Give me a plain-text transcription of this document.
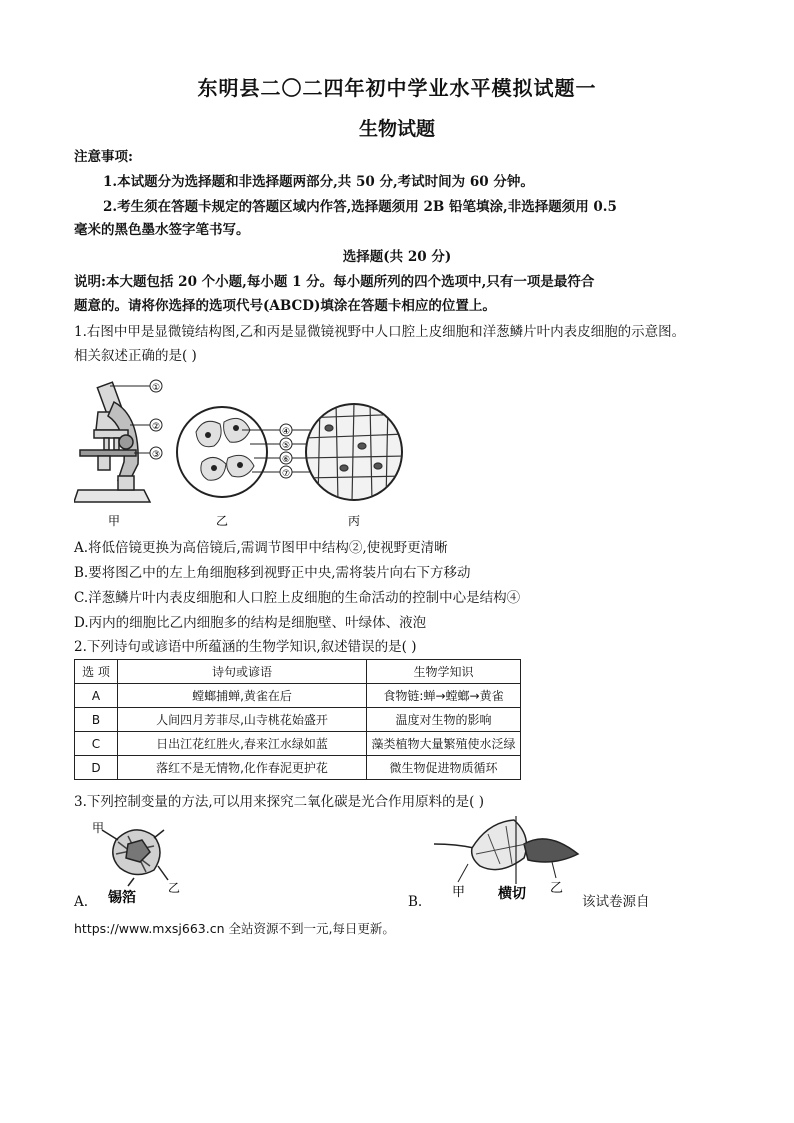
东明县二〇二四年初中学业水平模拟试题一
生物试题
注意事项:
1.本试题分为选择题和非选择题两部分,共 50 分,考试时间为 60 分钟。
2.考生须在答题卡规定的答题区域内作答,选择题须用 2B 铅笔填涂,非选择题须用 0.5
毫米的黑色墨水签字笔书写。
选择题(共 20 分)
说明:本大题包括 20 个小题,每小题 1 分。每小题所列的四个选项中,只有一项是最符合
题意的。请将你选择的选项代号(ABCD)填涂在答题卡相应的位置上。
1.右图中甲是显微镜结构图,乙和丙是显微镜视野中人口腔上皮细胞和洋葱鳞片叶内表皮细胞的示意图。
相关叙述正确的是( )
①
②
③
④
⑤
⑥
⑦
甲	乙	丙
A.将低倍镜更换为高倍镜后,需调节图甲中结构②,使视野更清晰
B.要将图乙中的左上角细胞移到视野正中央,需将装片向右下方移动
C.洋葱鳞片叶内表皮细胞和人口腔上皮细胞的生命活动的控制中心是结构④
D.丙内的细胞比乙内细胞多的结构是细胞壁、叶绿体、液泡
2.下列诗句或谚语中所蕴涵的生物学知识,叙述错误的是( )
选 项	诗句或谚语	生物学知识
A	螳螂捕蝉,黄雀在后	食物链:蝉→螳螂→黄雀
B	人间四月芳菲尽,山寺桃花始盛开	温度对生物的影响
C	日出江花红胜火,春来江水绿如蓝	藻类植物大量繁殖使水泛绿
D	落红不是无情物,化作春泥更护花	微生物促进物质循环
3.下列控制变量的方法,可以用来探究二氧化碳是光合作用原料的是( )
A.
甲
锡箔
乙
B.
甲 横切 乙
该试卷源自
https://www.mxsj663.cn 全站资源不到一元,每日更新。
